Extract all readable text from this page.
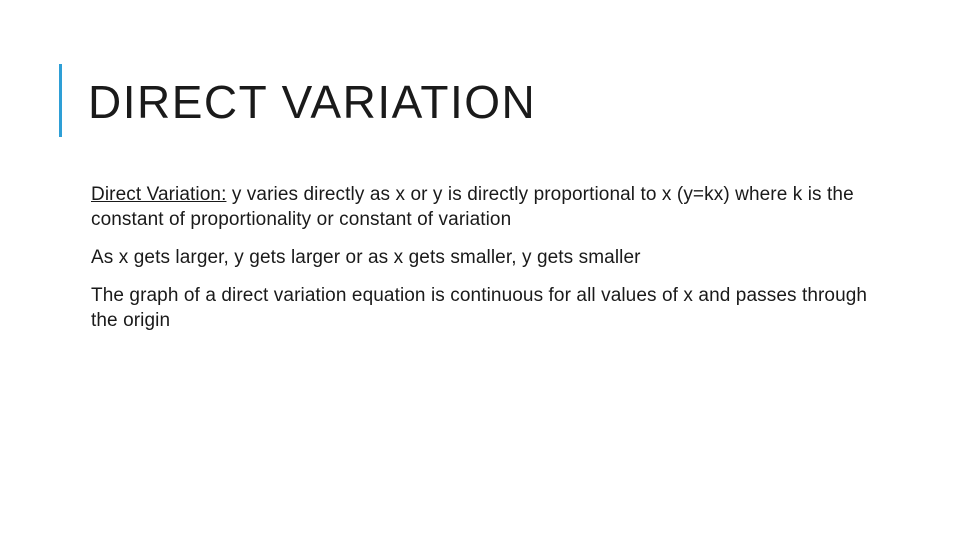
DIRECT VARIATION

Direct Variation: y varies directly as x or y is directly proportional to x (y=kx) where k is the constant of proportionality or constant of variation

As x gets larger, y gets larger or as x gets smaller, y gets smaller

The graph of a direct variation equation is continuous for all values of x and passes through the origin
